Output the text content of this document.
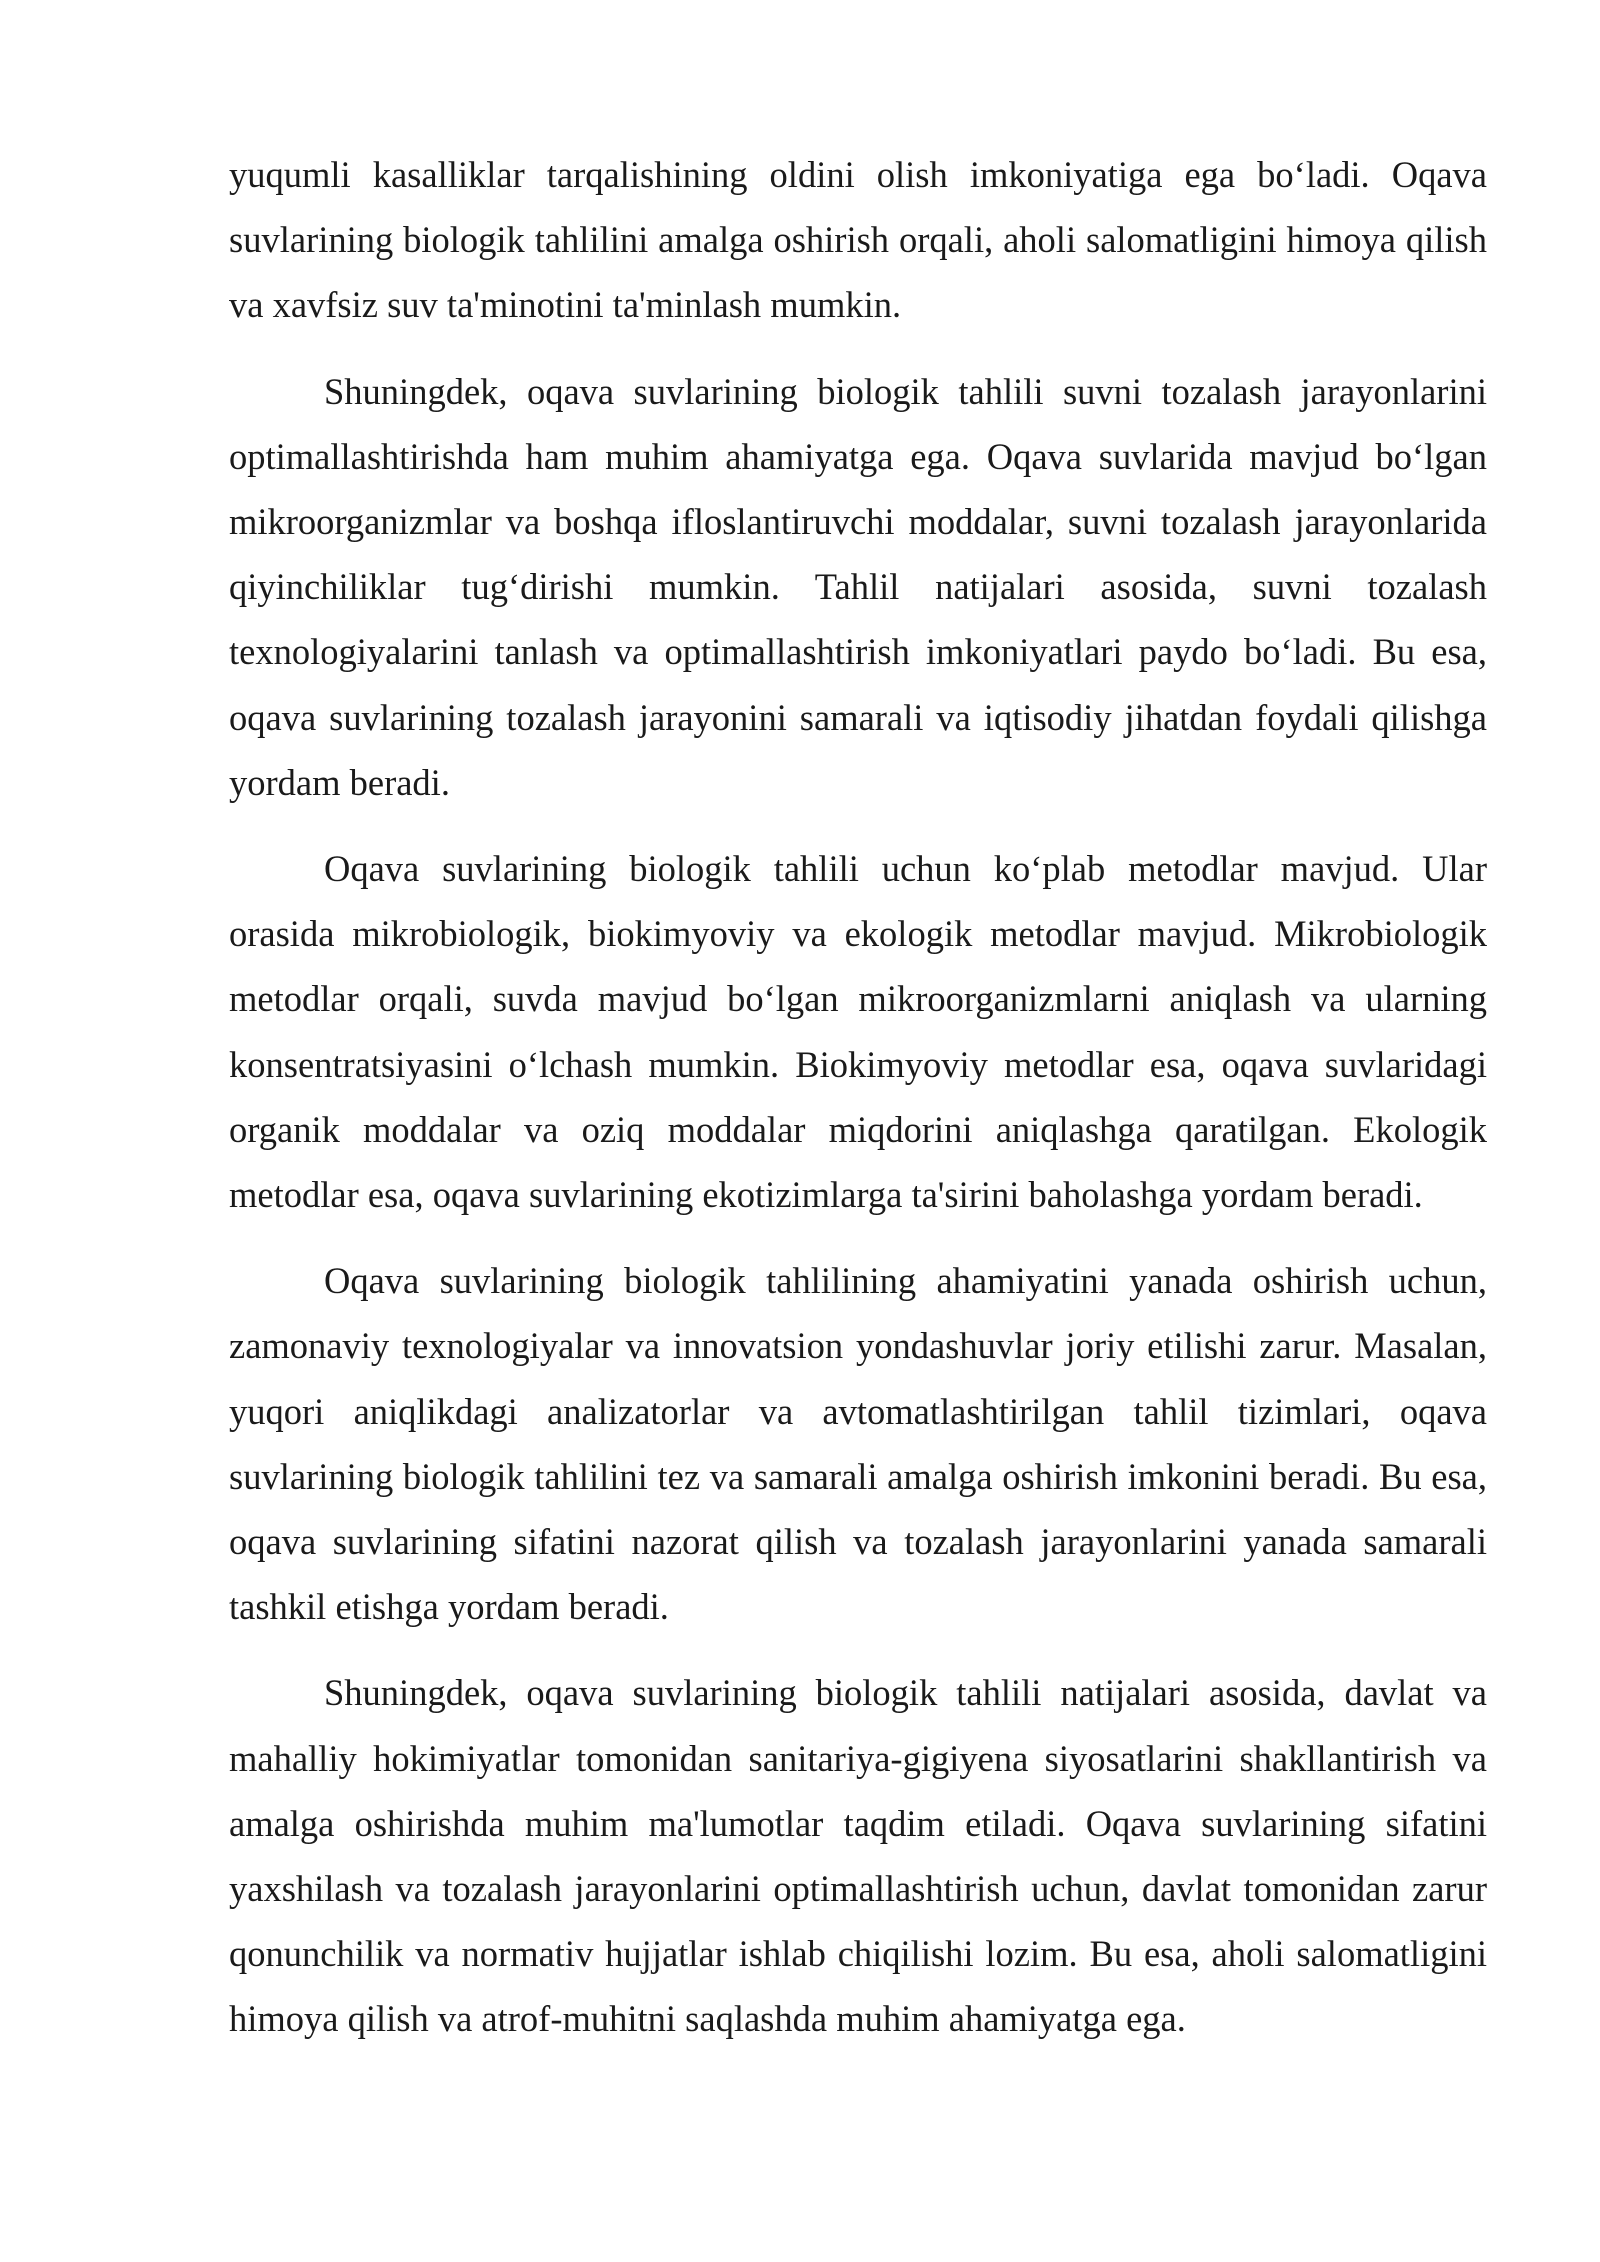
yuqumli kasalliklar tarqalishining oldini olish imkoniyatiga ega bo‘ladi. Oqava suvlarining biologik tahlilini amalga oshirish orqali, aholi salomatligini himoya qilish va xavfsiz suv ta'minotini ta'minlash mumkin.

Shuningdek, oqava suvlarining biologik tahlili suvni tozalash jarayonlarini optimallashtirishda ham muhim ahamiyatga ega. Oqava suvlarida mavjud bo‘lgan mikroorganizmlar va boshqa ifloslantiruvchi moddalar, suvni tozalash jarayonlarida qiyinchiliklar tug‘dirishi mumkin. Tahlil natijalari asosida, suvni tozalash texnologiyalarini tanlash va optimallashtirish imkoniyatlari paydo bo‘ladi. Bu esa, oqava suvlarining tozalash jarayonini samarali va iqtisodiy jihatdan foydali qilishga yordam beradi.

Oqava suvlarining biologik tahlili uchun ko‘plab metodlar mavjud. Ular orasida mikrobiologik, biokimyoviy va ekologik metodlar mavjud. Mikrobiologik metodlar orqali, suvda mavjud bo‘lgan mikroorganizmlarni aniqlash va ularning konsentratsiyasini o‘lchash mumkin. Biokimyoviy metodlar esa, oqava suvlaridagi organik moddalar va oziq moddalar miqdorini aniqlashga qaratilgan. Ekologik metodlar esa, oqava suvlarining ekotizimlarga ta'sirini baholashga yordam beradi.

Oqava suvlarining biologik tahlilining ahamiyatini yanada oshirish uchun, zamonaviy texnologiyalar va innovatsion yondashuvlar joriy etilishi zarur. Masalan, yuqori aniqlikdagi analizatorlar va avtomatlashtirilgan tahlil tizimlari, oqava suvlarining biologik tahlilini tez va samarali amalga oshirish imkonini beradi. Bu esa, oqava suvlarining sifatini nazorat qilish va tozalash jarayonlarini yanada samarali tashkil etishga yordam beradi.

Shuningdek, oqava suvlarining biologik tahlili natijalari asosida, davlat va mahalliy hokimiyatlar tomonidan sanitariya-gigiyena siyosatlarini shakllantirish va amalga oshirishda muhim ma'lumotlar taqdim etiladi. Oqava suvlarining sifatini yaxshilash va tozalash jarayonlarini optimallashtirish uchun, davlat tomonidan zarur qonunchilik va normativ hujjatlar ishlab chiqilishi lozim. Bu esa, aholi salomatligini himoya qilish va atrof-muhitni saqlashda muhim ahamiyatga ega.
